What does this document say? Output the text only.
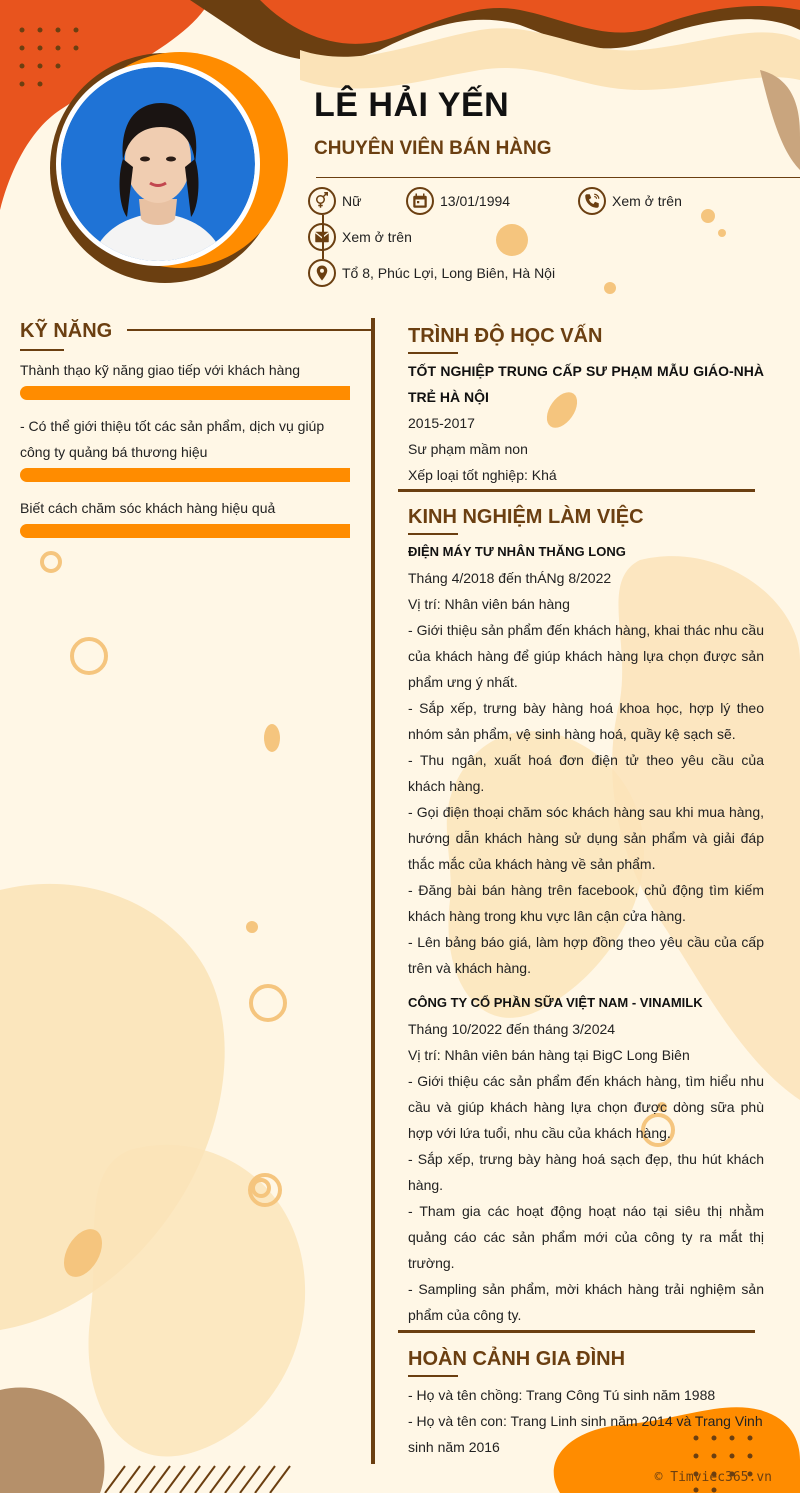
LÊ HẢI YẾN
CHUYÊN VIÊN BÁN HÀNG
Nữ	13/01/1994	Xem ở trên
Xem ở trên
Tổ 8, Phúc Lợi, Long Biên, Hà Nội
KỸ NĂNG
Thành thạo kỹ năng giao tiếp với khách hàng
- Có thể giới thiệu tốt các sản phẩm, dịch vụ giúp công ty quảng bá thương hiệu
Biết cách chăm sóc khách hàng hiệu quả
TRÌNH ĐỘ HỌC VẤN
TỐT NGHIỆP TRUNG CẤP SƯ PHẠM MẪU GIÁO-NHÀ TRẺ HÀ NỘI
2015-2017
Sư phạm mầm non
Xếp loại tốt nghiệp: Khá
KINH NGHIỆM LÀM VIỆC
ĐIỆN MÁY TƯ NHÂN THĂNG LONG
Tháng 4/2018 đến thÁNg 8/2022
Vị trí: Nhân viên bán hàng

- Giới thiệu sản phẩm đến khách hàng, khai thác nhu cầu của khách hàng để giúp khách hàng lựa chọn được sản phẩm ưng ý nhất.

- Sắp xếp, trưng bày hàng hoá khoa học, hợp lý theo nhóm sản phẩm, vệ sinh hàng hoá, quầy kệ sạch sẽ.

- Thu ngân, xuất hoá đơn điện tử theo yêu cầu của khách hàng.

- Gọi điện thoại chăm sóc khách hàng sau khi mua hàng, hướng dẫn khách hàng sử dụng sản phẩm và giải đáp thắc mắc của khách hàng về sản phẩm.

- Đăng bài bán hàng trên facebook, chủ động tìm kiếm khách hàng trong khu vực lân cận cửa hàng.

- Lên bảng báo giá, làm hợp đồng theo yêu cầu của cấp trên và khách hàng.

CÔNG TY CỔ PHẦN SỮA VIỆT NAM - VINAMILK
Tháng 10/2022 đến tháng 3/2024
Vị trí: Nhân viên bán hàng tại BigC Long Biên

- Giới thiệu các sản phẩm đến khách hàng, tìm hiểu nhu cầu và giúp khách hàng lựa chọn được dòng sữa phù hợp với lứa tuổi, nhu cầu của khách hàng.

- Sắp xếp, trưng bày hàng hoá sạch đẹp, thu hút khách hàng.

- Tham gia các hoạt động hoạt náo tại siêu thị nhằm quảng cáo các sản phẩm mới của công ty ra mắt thị trường.

- Sampling sản phẩm, mời khách hàng trải nghiệm sản phẩm của công ty.

HOÀN CẢNH GIA ĐÌNH

- Họ và tên chồng: Trang Công Tú sinh năm 1988

- Họ và tên con: Trang Linh sinh năm 2014 và Trang Vinh sinh năm 2016

© Timviec365.vn
